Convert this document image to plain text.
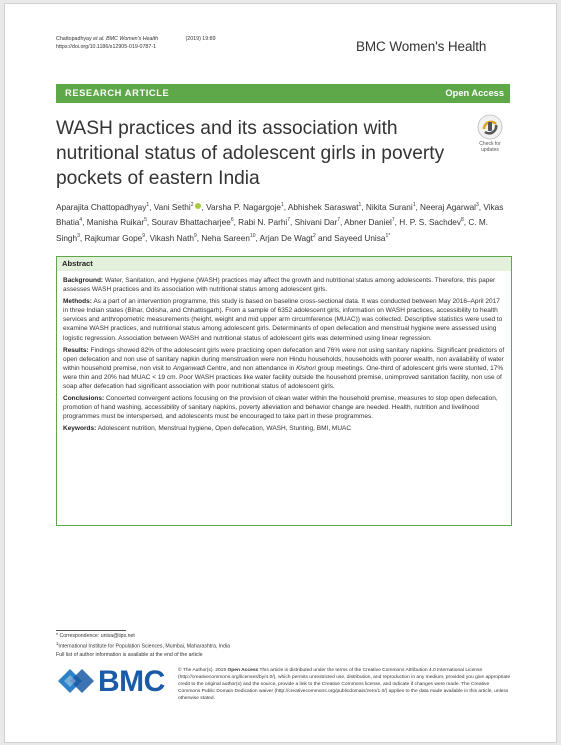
Chattopadhyay et al. BMC Women's Health	(2019) 19:89
https://doi.org/10.1186/s12905-019-0787-1	BMC Women's Health
RESEARCH ARTICLE	Open Access
WASH practices and its association with nutritional status of adolescent girls in poverty pockets of eastern India
Check for updates
Aparajita Chattopadhyay$^1$, Vani Sethi$^2$ , Varsha P. Nagargoje$^1$, Abhishek Saraswat$^1$, Nikita Surani$^1$, Neeraj Agarwal$^3$, Vikas Bhatia$^4$, Manisha Ruikar$^5$, Sourav Bhattacharjee$^6$, Rabi N. Parhi$^7$, Shivani Dar$^7$, Abner Daniel$^7$, H. P. S. Sachdev$^8$, C. M. Singh$^3$, Rajkumar Gope$^9$, Vikash Nath$^9$, Neha Sareen$^{10}$, Arjan De Wagt$^2$ and Sayeed Unisa$^{1*}$
Abstract

Background: Water, Sanitation, and Hygiene (WASH) practices may affect the growth and nutritional status among adolescents. Therefore, this paper assesses WASH practices and its association with nutritional status among adolescent girls.

Methods: As a part of an intervention programme, this study is based on baseline cross-sectional data. It was conducted between May 2016–April 2017 in three Indian states (Bihar, Odisha, and Chhattisgarh). From a sample of 6352 adolescent girls, information on WASH practices, accessibility to health services and anthropometric measurements (height, weight and mid upper arm circumference (MUAC)) was collected. Descriptive statistics were used to examine WASH practices, and nutritional status among adolescent girls. Determinants of open defecation and menstrual hygiene were assessed using logistic regression. Association between WASH and nutritional status of adolescent girls was determined using linear regression.

Results: Findings showed 82% of the adolescent girls were practicing open defecation and 76% were not using sanitary napkins. Significant predictors of open defecation and non use of sanitary napkin during menstruation were non Hindu households, households with poorer wealth, non availability of water within household premise, non visit to Anganwadi Centre, and non attendance in Kishori group meetings. One-third of adolescent girls were stunted, 17% were thin and 20% had MUAC < 19 cm. Poor WASH practices like water facility outside the household premise, unimproved sanitation facility, non use of soap after defecation had significant association with poor nutritional status of adolescent girls.

Conclusions: Concerted convergent actions focusing on the provision of clean water within the household premise, measures to stop open defecation, promotion of hand washing, accessibility of sanitary napkins, poverty alleviation and behavior change are needed. Health, nutrition and livelihood programmes must be interspersed, and adolescents must be encouraged to take part in these programmes.

Keywords: Adolescent nutrition, Menstrual hygiene, Open defecation, WASH, Stunting, BMI, MUAC

* Correspondence: unisa@iips.net
$^1$International Institute for Population Sciences, Mumbai, Maharashtra, India
Full list of author information is available at the end of the article
BMC	© The Author(s). 2019 Open Access This article is distributed under the terms of the Creative Commons Attribution 4.0 International License (http://creativecommons.org/licenses/by/4.0/), which permits unrestricted use, distribution, and reproduction in any medium, provided you give appropriate credit to the original author(s) and the source, provide a link to the Creative Commons license, and indicate if changes were made. The Creative Commons Public Domain Dedication waiver (http://creativecommons.org/publicdomain/zero/1.0/) applies to the data made available in this article, unless otherwise stated.
